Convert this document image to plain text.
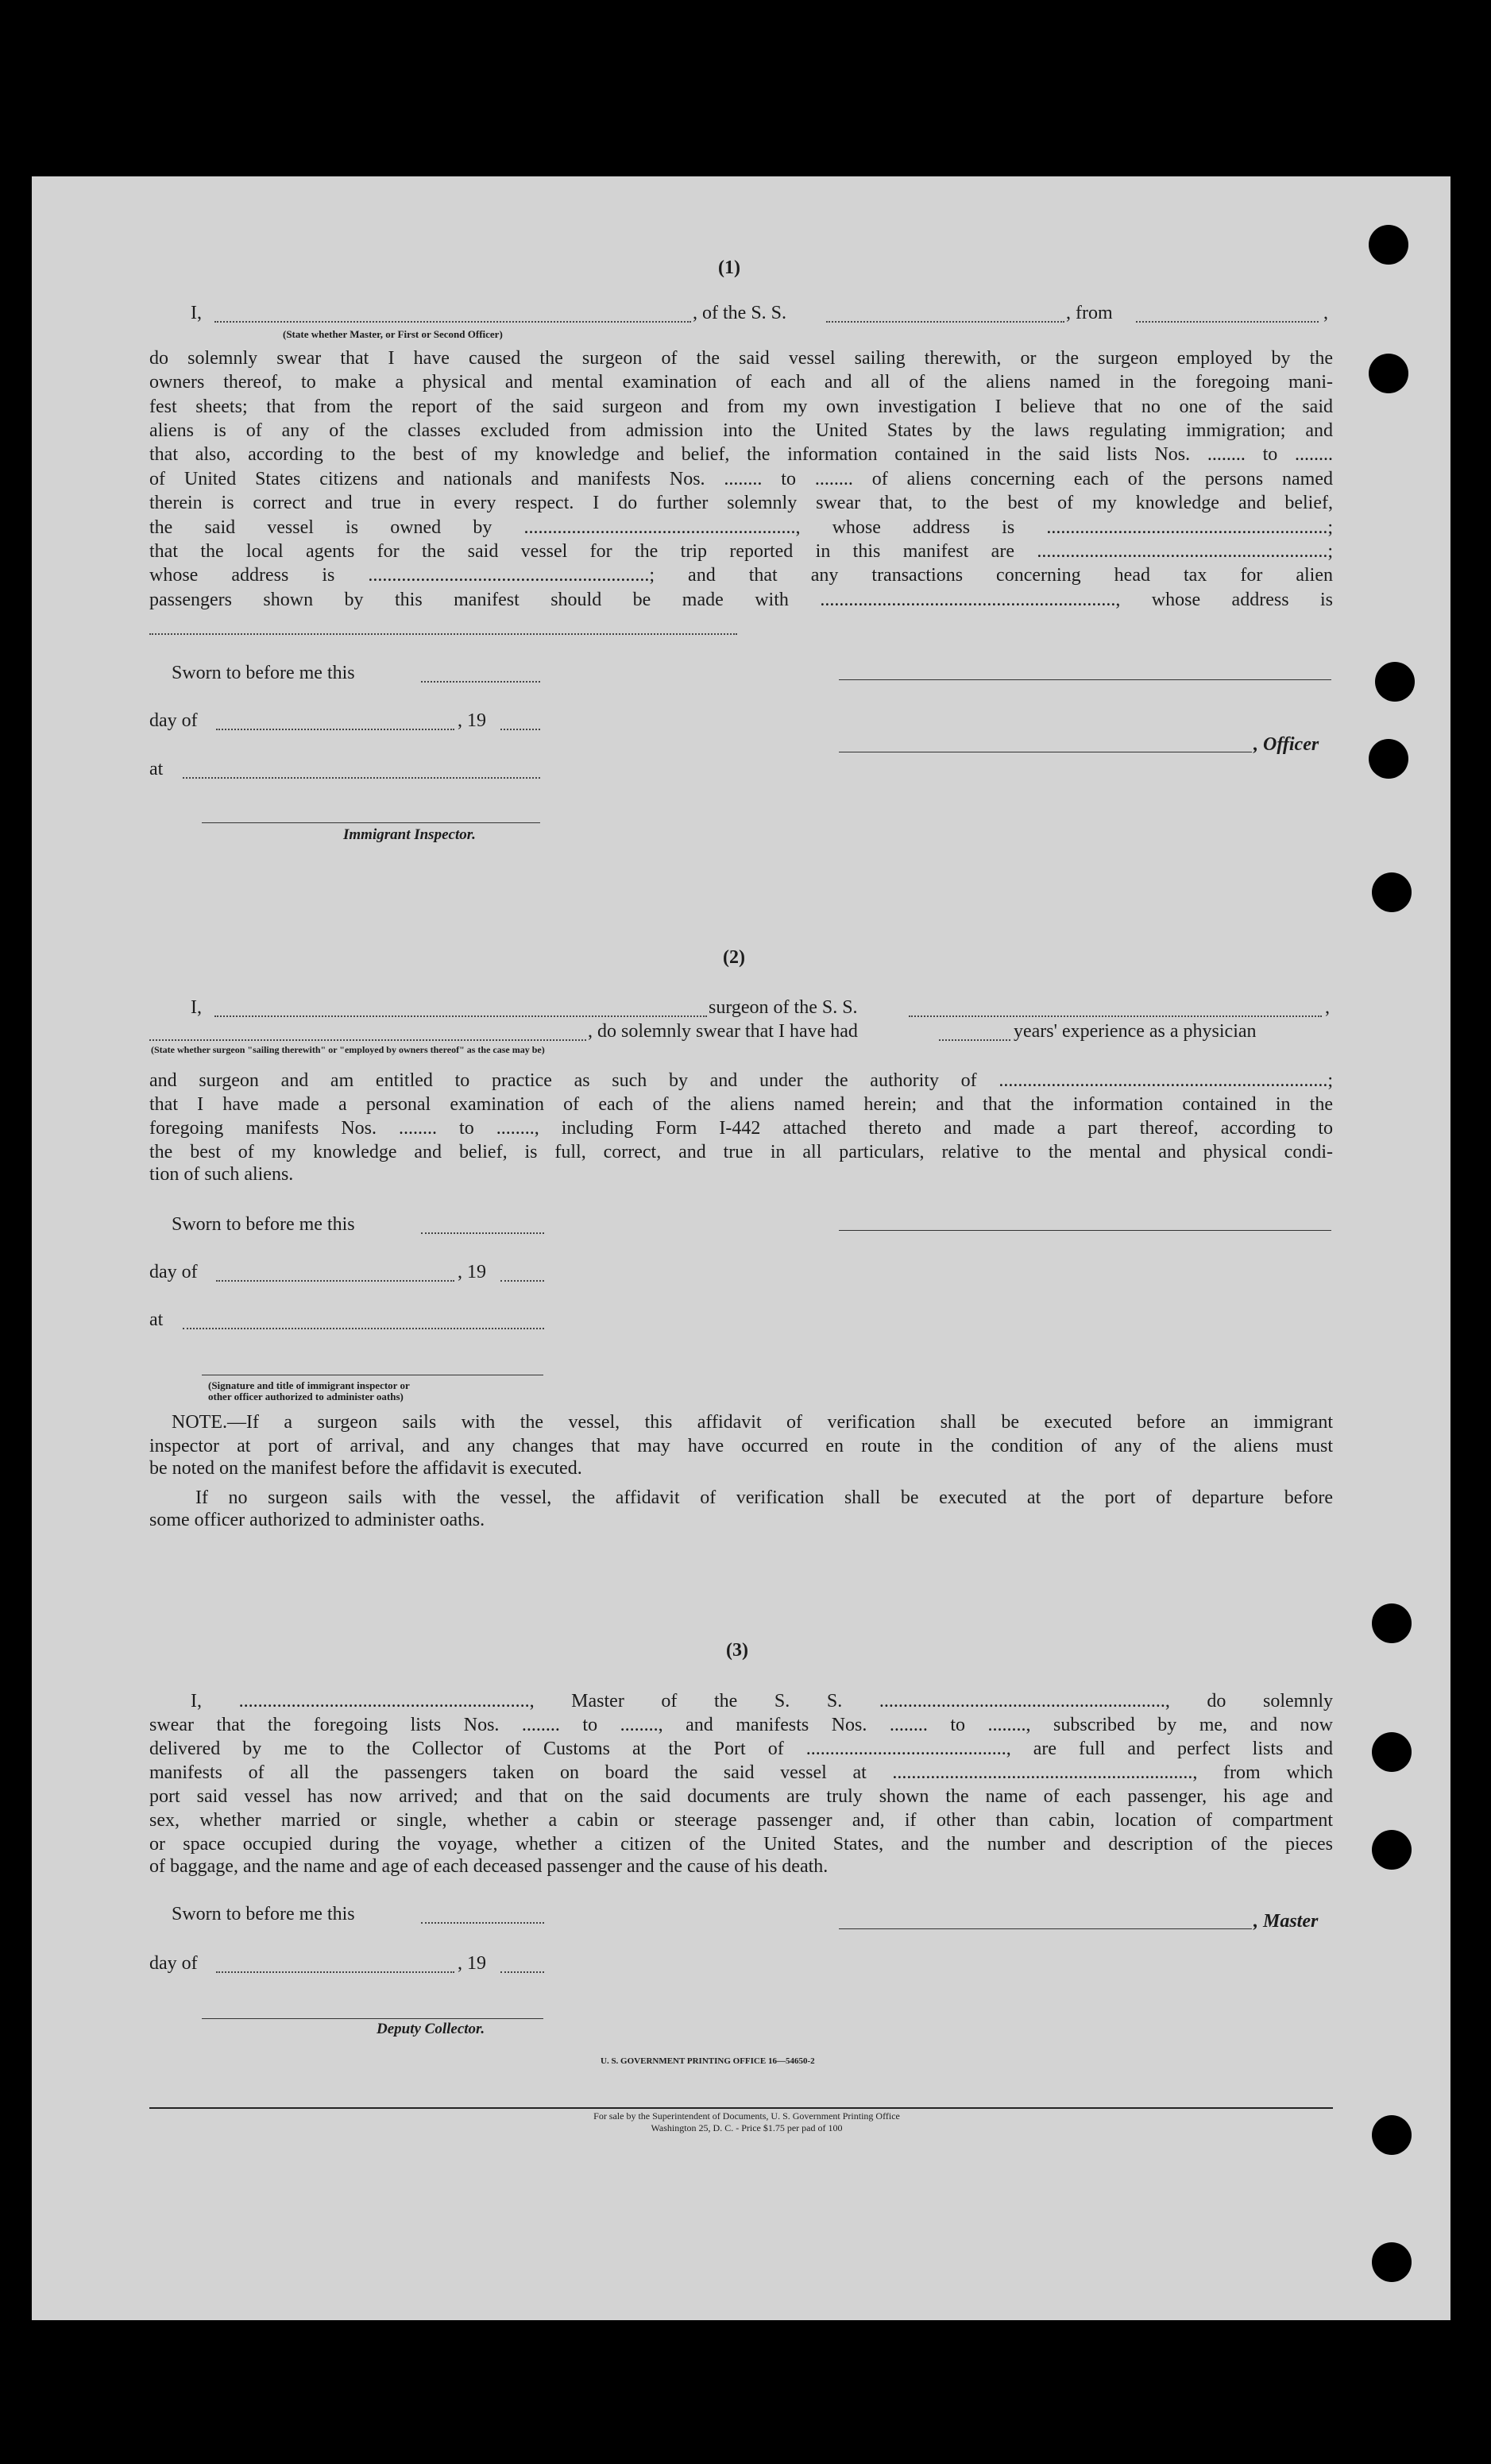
(1)
I,	, of the S. S.	, from	,
(State whether Master, or First or Second Officer)
do solemnly swear that I have caused the surgeon of the said vessel sailing therewith, or the surgeon employed by the
owners thereof, to make a physical and mental examination of each and all of the aliens named in the foregoing mani-
fest sheets; that from the report of the said surgeon and from my own investigation I believe that no one of the said
aliens is of any of the classes excluded from admission into the United States by the laws regulating immigration; and
that also, according to the best of my knowledge and belief, the information contained in the said lists Nos. ........ to ........
of United States citizens and nationals and manifests Nos. ........ to ........ of aliens concerning each of the persons named
therein is correct and true in every respect. I do further solemnly swear that, to the best of my knowledge and belief,
the said vessel is owned by ........................................................., whose address is ...........................................................;
that the local agents for the said vessel for the trip reported in this manifest are .............................................................;
whose address is ...........................................................; and that any transactions concerning head tax for alien
passengers shown by this manifest should be made with .............................................................., whose address is
Sworn to before me this
day of	, 19
, Officer
at
Immigrant Inspector.
(2)
I,	surgeon of the S. S.	,
, do solemnly swear that I have had	years' experience as a physician
(State whether surgeon "sailing therewith" or "employed by owners thereof" as the case may be)
and surgeon and am entitled to practice as such by and under the authority of .....................................................................;
that I have made a personal examination of each of the aliens named herein; and that the information contained in the
foregoing manifests Nos. ........ to ........, including Form I-442 attached thereto and made a part thereof, according to
the best of my knowledge and belief, is full, correct, and true in all particulars, relative to the mental and physical condi-
tion of such aliens.
Sworn to before me this
day of	, 19
at
(Signature and title of immigrant inspector or
other officer authorized to administer oaths)
NOTE.—If a surgeon sails with the vessel, this affidavit of verification shall be executed before an immigrant
inspector at port of arrival, and any changes that may have occurred en route in the condition of any of the aliens must
be noted on the manifest before the affidavit is executed.
If no surgeon sails with the vessel, the affidavit of verification shall be executed at the port of departure before
some officer authorized to administer oaths.
(3)
I, ............................................................., Master of the S. S. ............................................................, do solemnly
swear that the foregoing lists Nos. ........ to ........, and manifests Nos. ........ to ........, subscribed by me, and now
delivered by me to the Collector of Customs at the Port of .........................................., are full and perfect lists and
manifests of all the passengers taken on board the said vessel at ..............................................................., from which
port said vessel has now arrived; and that on the said documents are truly shown the name of each passenger, his age and
sex, whether married or single, whether a cabin or steerage passenger and, if other than cabin, location of compartment
or space occupied during the voyage, whether a citizen of the United States, and the number and description of the pieces
of baggage, and the name and age of each deceased passenger and the cause of his death.
Sworn to before me this	, Master
day of	, 19
Deputy Collector.
U. S. GOVERNMENT PRINTING OFFICE 16—54650-2
For sale by the Superintendent of Documents, U. S. Government Printing Office
Washington 25, D. C. - Price $1.75 per pad of 100
